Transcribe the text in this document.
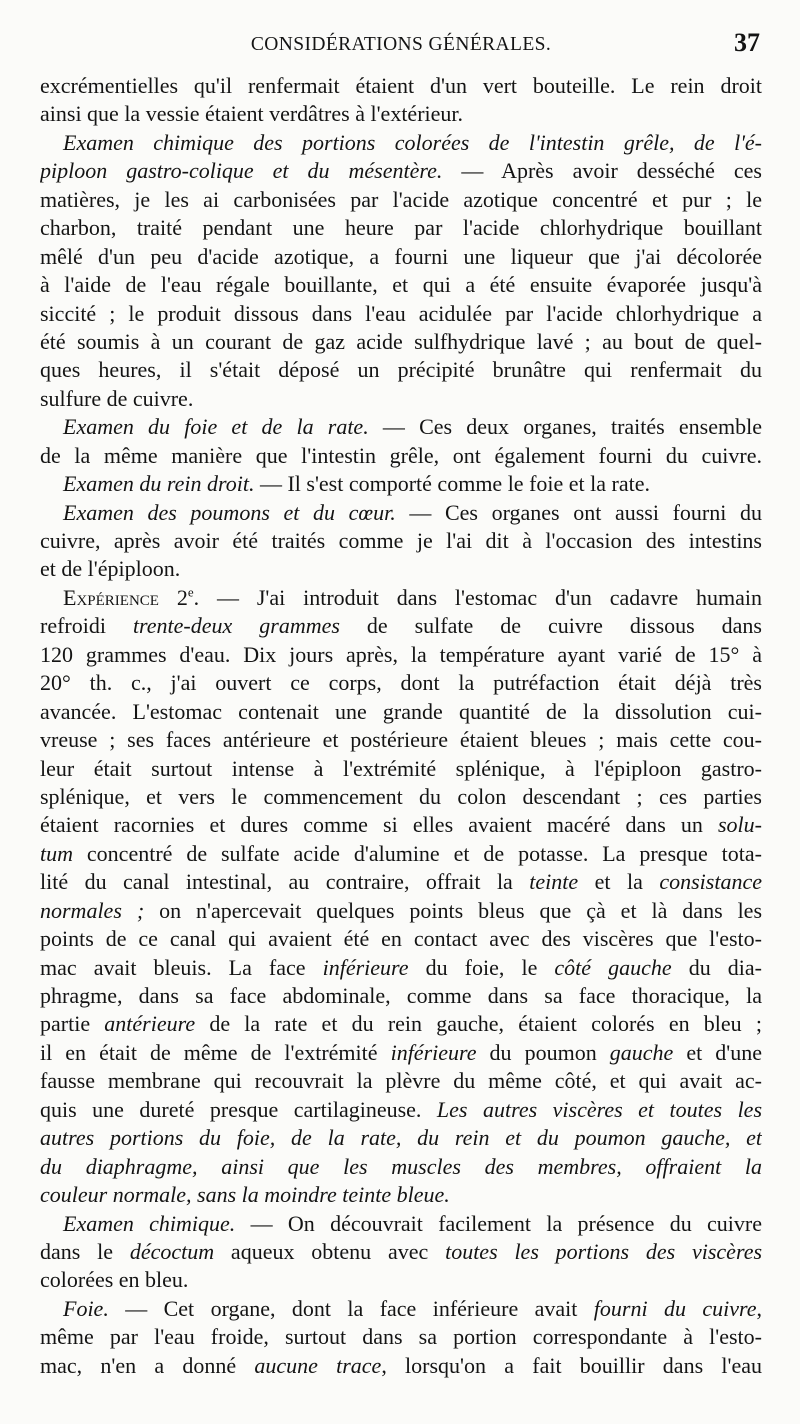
CONSIDÉRATIONS GÉNÉRALES.	37
excrémentielles qu'il renfermait étaient d'un vert bouteille. Le rein droit
ainsi que la vessie étaient verdâtres à l'extérieur.
Examen chimique des portions colorées de l'intestin grêle, de l'é-
piploon gastro-colique et du mésentère. — Après avoir desséché ces
matières, je les ai carbonisées par l'acide azotique concentré et pur ; le
charbon, traité pendant une heure par l'acide chlorhydrique bouillant
mêlé d'un peu d'acide azotique, a fourni une liqueur que j'ai décolorée
à l'aide de l'eau régale bouillante, et qui a été ensuite évaporée jusqu'à
siccité ; le produit dissous dans l'eau acidulée par l'acide chlorhydrique a
été soumis à un courant de gaz acide sulfhydrique lavé ; au bout de quel-
ques heures, il s'était déposé un précipité brunâtre qui renfermait du
sulfure de cuivre.
Examen du foie et de la rate. — Ces deux organes, traités ensemble
de la même manière que l'intestin grêle, ont également fourni du cuivre.
Examen du rein droit. — Il s'est comporté comme le foie et la rate.
Examen des poumons et du cœur. — Ces organes ont aussi fourni du
cuivre, après avoir été traités comme je l'ai dit à l'occasion des intestins
et de l'épiploon.
Expérience 2e. — J'ai introduit dans l'estomac d'un cadavre humain
refroidi trente-deux grammes de sulfate de cuivre dissous dans
120 grammes d'eau. Dix jours après, la température ayant varié de 15° à
20° th. c., j'ai ouvert ce corps, dont la putréfaction était déjà très
avancée. L'estomac contenait une grande quantité de la dissolution cui-
vreuse ; ses faces antérieure et postérieure étaient bleues ; mais cette cou-
leur était surtout intense à l'extrémité splénique, à l'épiploon gastro-
splénique, et vers le commencement du colon descendant ; ces parties
étaient racornies et dures comme si elles avaient macéré dans un solu-
tum concentré de sulfate acide d'alumine et de potasse. La presque tota-
lité du canal intestinal, au contraire, offrait la teinte et la consistance
normales ; on n'apercevait quelques points bleus que çà et là dans les
points de ce canal qui avaient été en contact avec des viscères que l'esto-
mac avait bleuis. La face inférieure du foie, le côté gauche du dia-
phragme, dans sa face abdominale, comme dans sa face thoracique, la
partie antérieure de la rate et du rein gauche, étaient colorés en bleu ;
il en était de même de l'extrémité inférieure du poumon gauche et d'une
fausse membrane qui recouvrait la plèvre du même côté, et qui avait ac-
quis une dureté presque cartilagineuse. Les autres viscères et toutes les
autres portions du foie, de la rate, du rein et du poumon gauche, et
du diaphragme, ainsi que les muscles des membres, offraient la
couleur normale, sans la moindre teinte bleue.
Examen chimique. — On découvrait facilement la présence du cuivre
dans le décoctum aqueux obtenu avec toutes les portions des viscères
colorées en bleu.
Foie. — Cet organe, dont la face inférieure avait fourni du cuivre,
même par l'eau froide, surtout dans sa portion correspondante à l'esto-
mac, n'en a donné aucune trace, lorsqu'on a fait bouillir dans l'eau
